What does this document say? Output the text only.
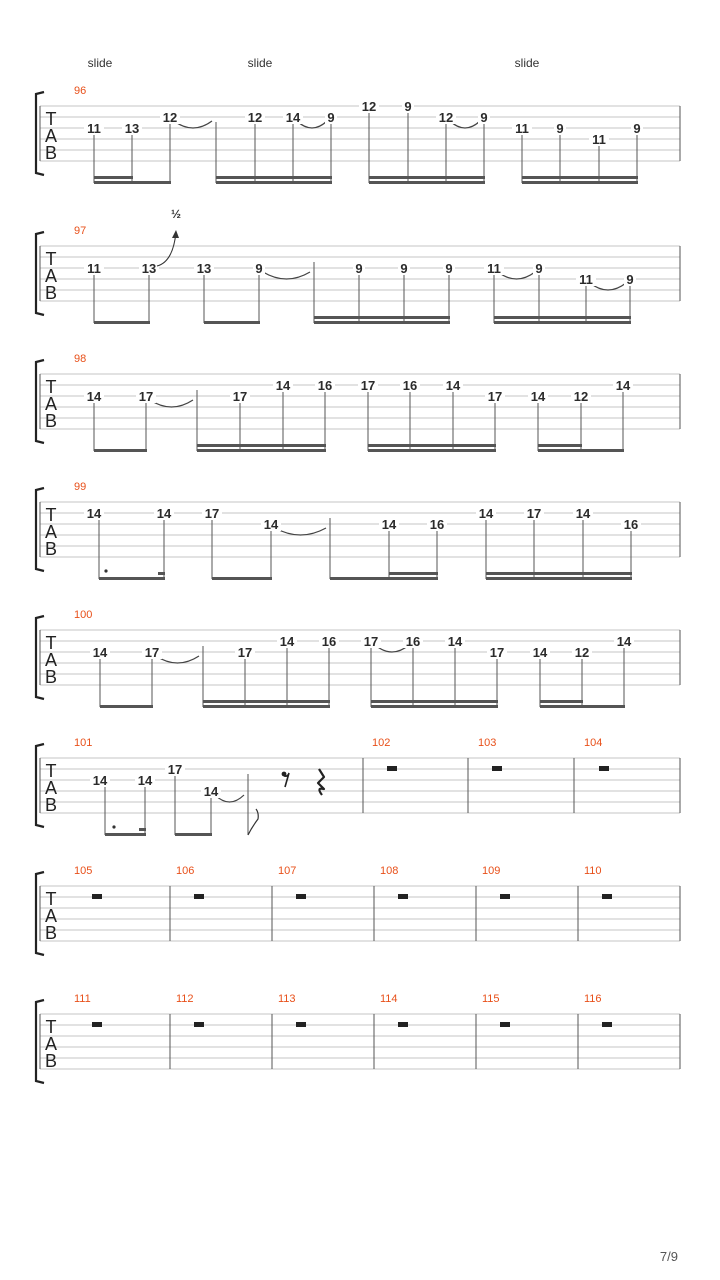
T
A
B
96
11 13
12	12 14 9
12 9
12 9
11 9
11
9
slide	slide	slide
T
A
B
97
11	13	13	9	9	9	9	11	9
11	9
½
T
A
B
98
14	17	17
14 16 17 16 14
17 14 12
14
T
A
B
99
14	14	17
14	14	16
14	17	14
16
T
A
B
100
14	17	17
14 16 17 16 14
17 14 12
14
T
A
B
101	102	103	104
14 14
17
14
T
A
B
105	106	107	108	109	110
T
A
B
111	112	113	114	115	116
7/9
